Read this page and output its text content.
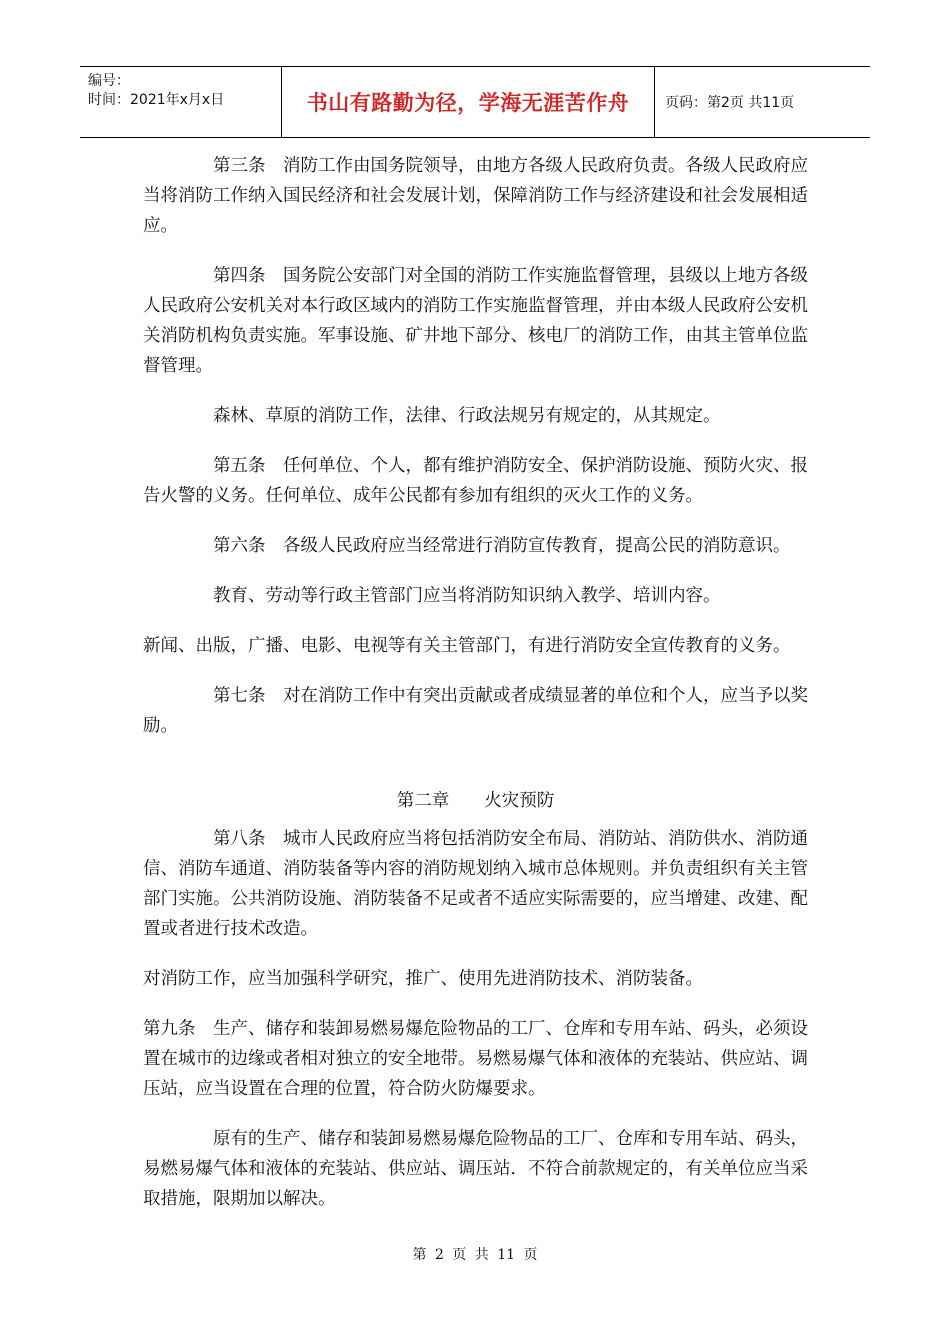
编号：
时间：2021年x月x日	书山有路勤为径，学海无涯苦作舟	页码：第2页 共11页

第三条　消防工作由国务院领导，由地方各级人民政府负责。各级人民政府应当将消防工作纳入国民经济和社会发展计划，保障消防工作与经济建设和社会发展相适应。

第四条　国务院公安部门对全国的消防工作实施监督管理，县级以上地方各级人民政府公安机关对本行政区域内的消防工作实施监督管理，并由本级人民政府公安机关消防机构负责实施。军事设施、矿井地下部分、核电厂的消防工作，由其主管单位监督管理。

森林、草原的消防工作，法律、行政法规另有规定的，从其规定。

第五条　任何单位、个人，都有维护消防安全、保护消防设施、预防火灾、报告火警的义务。任何单位、成年公民都有参加有组织的灭火工作的义务。

第六条　各级人民政府应当经常进行消防宣传教育，提高公民的消防意识。

教育、劳动等行政主管部门应当将消防知识纳入教学、培训内容。

新闻、出版，广播、电影、电视等有关主管部门，有进行消防安全宣传教育的义务。

第七条　对在消防工作中有突出贡献或者成绩显著的单位和个人，应当予以奖励。

第二章　　火灾预防

第八条　城市人民政府应当将包括消防安全布局、消防站、消防供水、消防通信、消防车通道、消防装备等内容的消防规划纳入城市总体规则。并负责组织有关主管部门实施。公共消防设施、消防装备不足或者不适应实际需要的，应当增建、改建、配置或者进行技术改造。

对消防工作，应当加强科学研究，推广、使用先进消防技术、消防装备。

第九条　生产、储存和装卸易燃易爆危险物品的工厂、仓库和专用车站、码头，必须设置在城市的边缘或者相对独立的安全地带。易燃易爆气体和液体的充装站、供应站、调压站，应当设置在合理的位置，符合防火防爆要求。

原有的生产、储存和装卸易燃易爆危险物品的工厂、仓库和专用车站、码头，易燃易爆气体和液体的充装站、供应站、调压站．不符合前款规定的，有关单位应当采取措施，限期加以解决。

第 2 页 共 11 页
